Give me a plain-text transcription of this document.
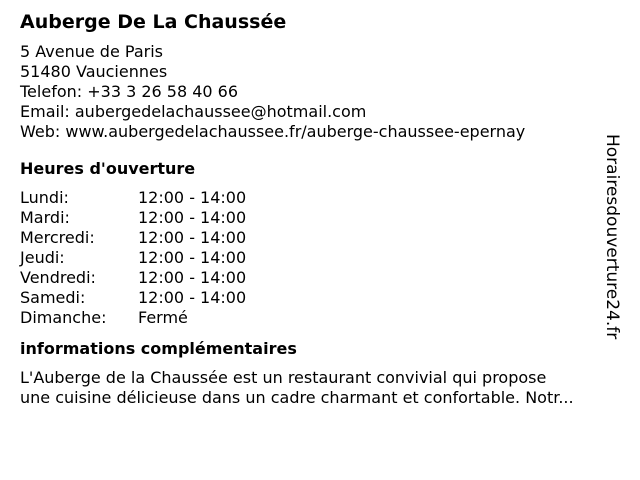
Auberge De La Chaussée
5 Avenue de Paris
51480 Vauciennes
Telefon: +33 3 26 58 40 66
Email: aubergedelachaussee@hotmail.com
Web: www.aubergedelachaussee.fr/auberge-chaussee-epernay
Heures d'ouverture
Lundi:	12:00 - 14:00
Mardi:	12:00 - 14:00
Mercredi:	12:00 - 14:00
Jeudi:	12:00 - 14:00
Vendredi:	12:00 - 14:00
Samedi:	12:00 - 14:00
Dimanche:	Fermé
informations complémentaires
L'Auberge de la Chaussée est un restaurant convivial qui propose
une cuisine délicieuse dans un cadre charmant et confortable. Notr...
Horairesdouverture24.fr
